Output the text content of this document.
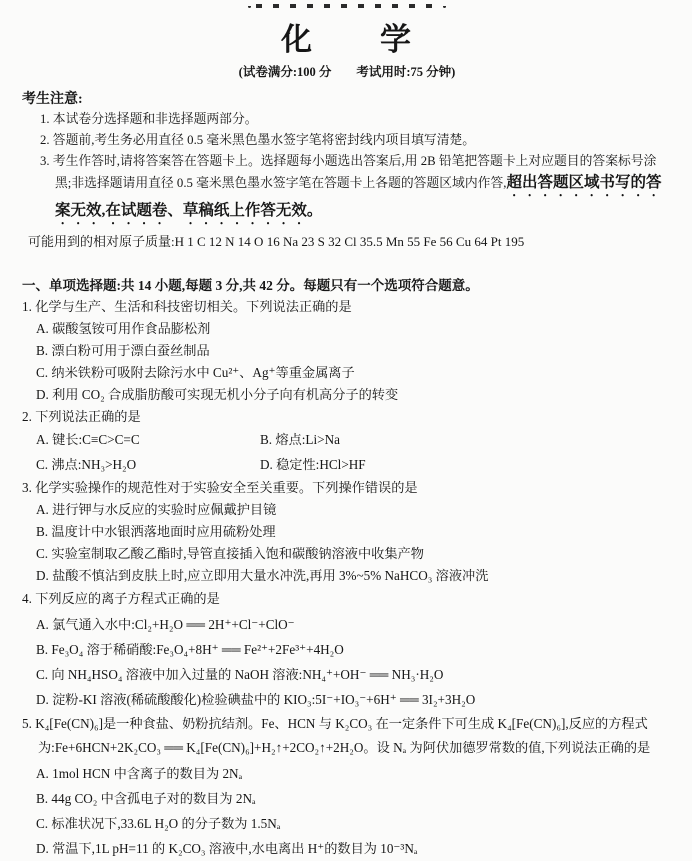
化　　学

(试卷满分:100 分　　考试用时:75 分钟)

考生注意:

1. 本试卷分选择题和非选择题两部分。

2. 答题前,考生务必用直径 0.5 毫米黑色墨水签字笔将密封线内项目填写清楚。

3. 考生作答时,请将答案答在答题卡上。选择题每小题选出答案后,用 2B 铅笔把答题卡上对应题目的答案标号涂黑;非选择题请用直径 0.5 毫米黑色墨水签字笔在答题卡上各题的答题区域内作答,超出答题区域书写的答案无效,在试题卷、草稿纸上作答无效。

可能用到的相对原子质量:H 1 C 12 N 14 O 16 Na 23 S 32 Cl 35.5 Mn 55 Fe 56 Cu 64 Pt 195

一、单项选择题:共 14 小题,每题 3 分,共 42 分。每题只有一个选项符合题意。

1. 化学与生产、生活和科技密切相关。下列说法正确的是

A. 碳酸氢铵可用作食品膨松剂

B. 漂白粉可用于漂白蚕丝制品

C. 纳米铁粉可吸附去除污水中 Cu²⁺、Ag⁺等重金属离子

D. 利用 CO₂ 合成脂肪酸可实现无机小分子向有机高分子的转变

2. 下列说法正确的是

A. 键长:C≡C>C=C	B. 熔点:Li>Na

C. 沸点:NH₃>H₂O	D. 稳定性:HCl>HF

3. 化学实验操作的规范性对于实验安全至关重要。下列操作错误的是

A. 进行钾与水反应的实验时应佩戴护目镜

B. 温度计中水银洒落地面时应用硫粉处理

C. 实验室制取乙酸乙酯时,导管直接插入饱和碳酸钠溶液中收集产物

D. 盐酸不慎沾到皮肤上时,应立即用大量水冲洗,再用 3%~5% NaHCO₃ 溶液冲洗

4. 下列反应的离子方程式正确的是

A. 氯气通入水中:Cl₂+H₂O ══ 2H⁺+Cl⁻+ClO⁻

B. Fe₃O₄ 溶于稀硝酸:Fe₃O₄+8H⁺ ══ Fe²⁺+2Fe³⁺+4H₂O

C. 向 NH₄HSO₄ 溶液中加入过量的 NaOH 溶液:NH₄⁺+OH⁻ ══ NH₃·H₂O

D. 淀粉-KI 溶液(稀硫酸酸化)检验碘盐中的 KIO₃:5I⁻+IO₃⁻+6H⁺ ══ 3I₂+3H₂O

5. K₄[Fe(CN)₆]是一种食盐、奶粉抗结剂。Fe、HCN 与 K₂CO₃ 在一定条件下可生成 K₄[Fe(CN)₆],反应的方程式为:Fe+6HCN+2K₂CO₃ ══ K₄[Fe(CN)₆]+H₂↑+2CO₂↑+2H₂O。设 Nₐ 为阿伏加德罗常数的值,下列说法正确的是

A. 1mol HCN 中含离子的数目为 2Nₐ

B. 44g CO₂ 中含孤电子对的数目为 2Nₐ

C. 标准状况下,33.6L H₂O 的分子数为 1.5Nₐ

D. 常温下,1L pH=11 的 K₂CO₃ 溶液中,水电离出 H⁺的数目为 10⁻³Nₐ
